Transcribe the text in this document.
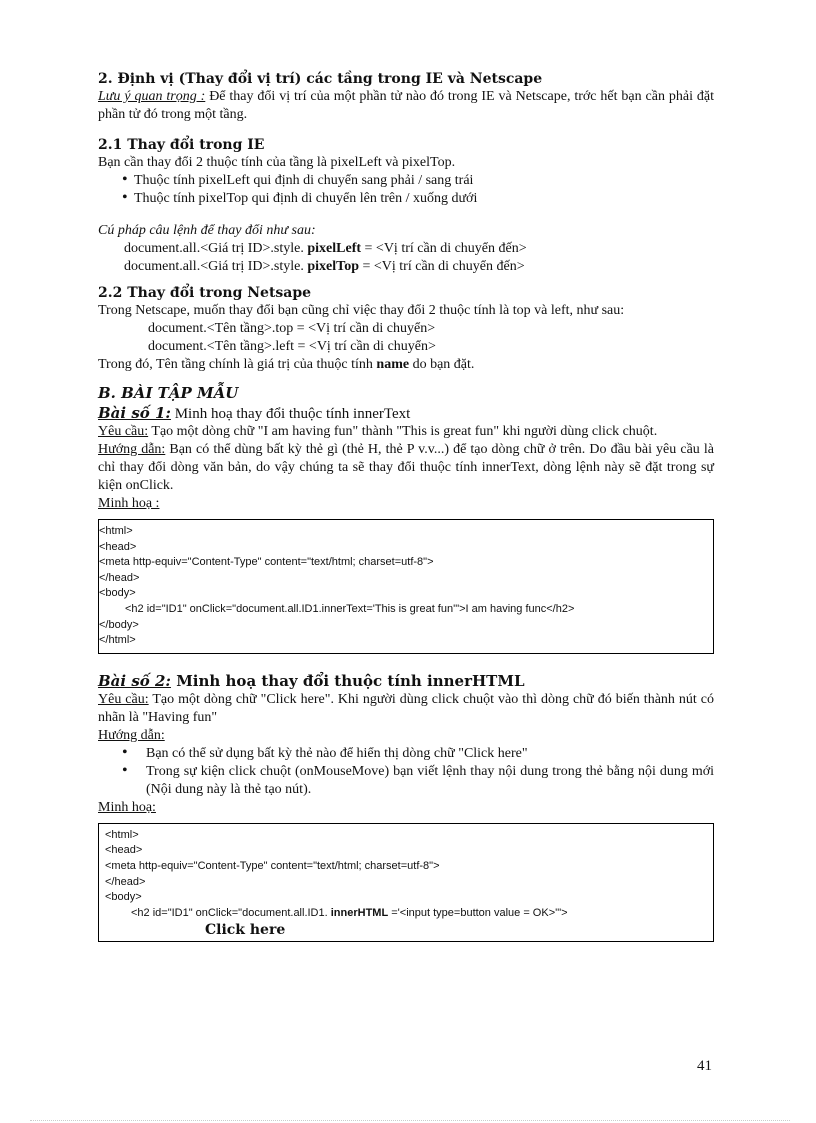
2. Định vị (Thay đổi vị trí) các tầng trong IE và Netscape

Lưu ý quan trọng : Để thay đổi vị trí của một phần tử nào đó trong IE và Netscape, trớc hết bạn cần phải đặt phần tử đó trong một tầng.

2.1 Thay đổi trong IE

Bạn cần thay đổi 2 thuộc tính của tầng là pixelLeft và pixelTop.

• Thuộc tính pixelLeft qui định di chuyển sang phải / sang trái
• Thuộc tính pixelTop qui định di chuyển lên trên / xuống dưới

Cú pháp câu lệnh để thay đổi như sau:

document.all.<Giá trị ID>.style. pixelLeft = <Vị trí cần di chuyển đến>
document.all.<Giá trị ID>.style. pixelTop = <Vị trí cần di chuyển đến>
2.2 Thay đổi trong Netsape

Trong Netscape, muốn thay đổi bạn cũng chỉ việc thay đổi 2 thuộc tính là top và left, như sau:

document.<Tên tầng>.top = <Vị trí cần di chuyển>
document.<Tên tầng>.left = <Vị trí cần di chuyển>

Trong đó, Tên tầng chính là giá trị của thuộc tính name do bạn đặt.

B. BÀI TẬP MẪU
Bài số 1: Minh hoạ thay đổi thuộc tính innerText

Yêu cầu: Tạo một dòng chữ "I am having fun" thành "This is great fun" khi người dùng click chuột.

Hướng dẫn: Bạn có thể dùng bất kỳ thẻ gì (thẻ H, thẻ P v.v...) để tạo dòng chữ ở trên. Do đầu bài yêu cầu là chỉ thay đổi dòng văn bản, do vậy chúng ta sẽ thay đổi thuộc tính innerText, dòng lệnh này sẽ đặt trong sự kiện onClick.

Minh hoạ :

<html>
<head>
<meta http-equiv="Content-Type" content="text/html; charset=utf-8">
</head>
<body>
<h2 id="ID1" onClick="document.all.ID1.innerText='This is great fun'">I am having func</h2>
</body>
</html>
Bài số 2: Minh hoạ thay đổi thuộc tính innerHTML

Yêu cầu: Tạo một dòng chữ "Click here". Khi người dùng click chuột vào thì dòng chữ đó biến thành nút có nhãn là "Having fun"

Hướng dẫn:

• Bạn có thể sử dụng bất kỳ thẻ nào để hiển thị dòng chữ "Click here"
• Trong sự kiện click chuột (onMouseMove) bạn viết lệnh thay nội dung trong thẻ bằng nội dung mới (Nội dung này là thẻ tạo nút).

Minh hoạ:

<html>
<head>
<meta http-equiv="Content-Type" content="text/html; charset=utf-8">
</head>
<body>
<h2 id="ID1" onClick="document.all.ID1. innerHTML ='<input type=button value = OK>'">
Click here
41
